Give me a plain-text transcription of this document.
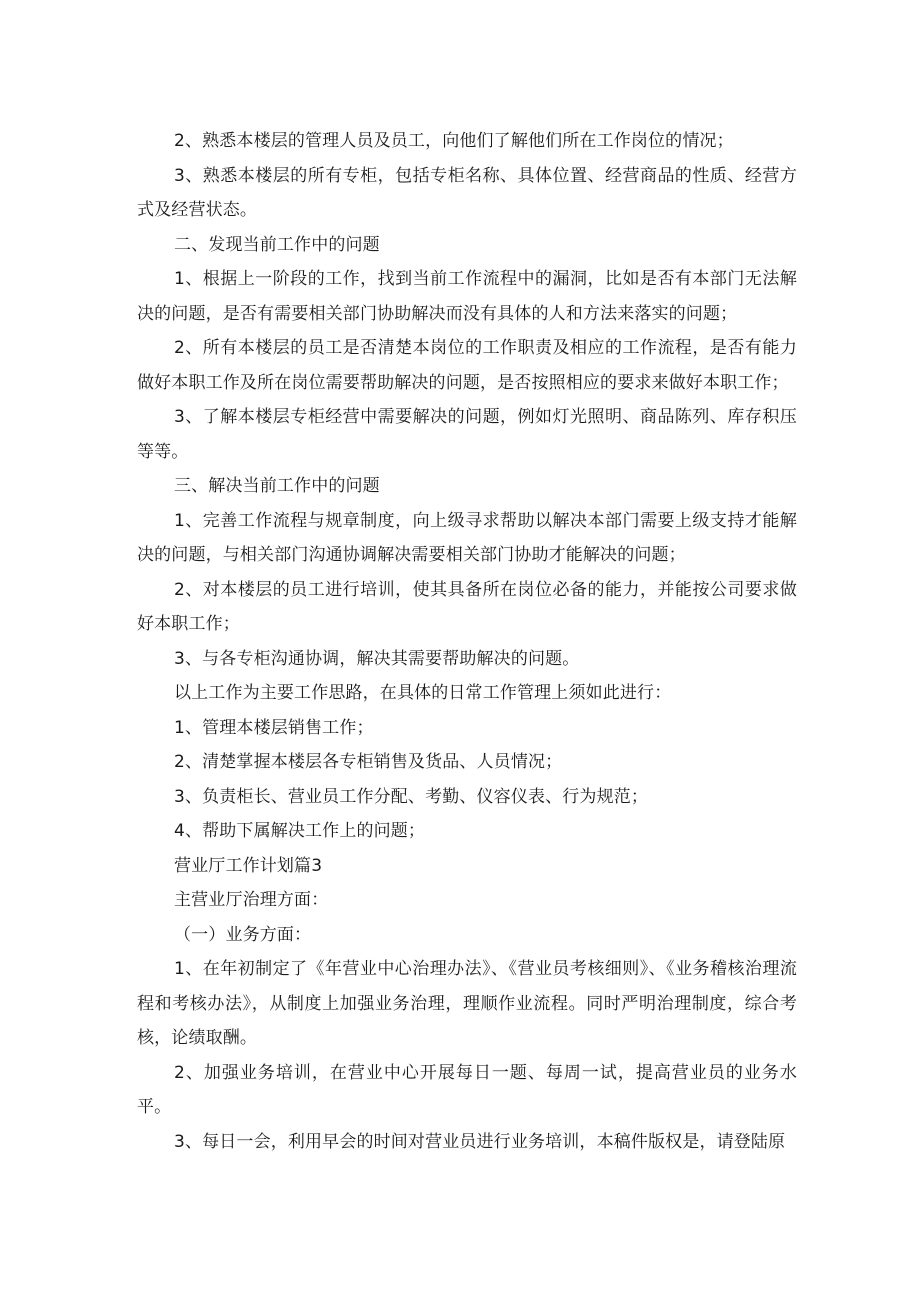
2、熟悉本楼层的管理人员及员工，向他们了解他们所在工作岗位的情况；

3、熟悉本楼层的所有专柜，包括专柜名称、具体位置、经营商品的性质、经营方式及经营状态。

二、发现当前工作中的问题

1、根据上一阶段的工作，找到当前工作流程中的漏洞，比如是否有本部门无法解决的问题，是否有需要相关部门协助解决而没有具体的人和方法来落实的问题；

2、所有本楼层的员工是否清楚本岗位的工作职责及相应的工作流程，是否有能力做好本职工作及所在岗位需要帮助解决的问题，是否按照相应的要求来做好本职工作；

3、了解本楼层专柜经营中需要解决的问题，例如灯光照明、商品陈列、库存积压等等。

三、解决当前工作中的问题

1、完善工作流程与规章制度，向上级寻求帮助以解决本部门需要上级支持才能解决的问题，与相关部门沟通协调解决需要相关部门协助才能解决的问题；

2、对本楼层的员工进行培训，使其具备所在岗位必备的能力，并能按公司要求做好本职工作；

3、与各专柜沟通协调，解决其需要帮助解决的问题。

以上工作为主要工作思路，在具体的日常工作管理上须如此进行：

1、管理本楼层销售工作；

2、清楚掌握本楼层各专柜销售及货品、人员情况；

3、负责柜长、营业员工作分配、考勤、仪容仪表、行为规范；

4、帮助下属解决工作上的问题；

营业厅工作计划篇3

主营业厅治理方面：

（一）业务方面：

1、在年初制定了《年营业中心治理办法》、《营业员考核细则》、《业务稽核治理流程和考核办法》，从制度上加强业务治理，理顺作业流程。同时严明治理制度，综合考核，论绩取酬。

2、加强业务培训，在营业中心开展每日一题、每周一试，提高营业员的业务水平。

3、每日一会，利用早会的时间对营业员进行业务培训，本稿件版权是，请登陆原
